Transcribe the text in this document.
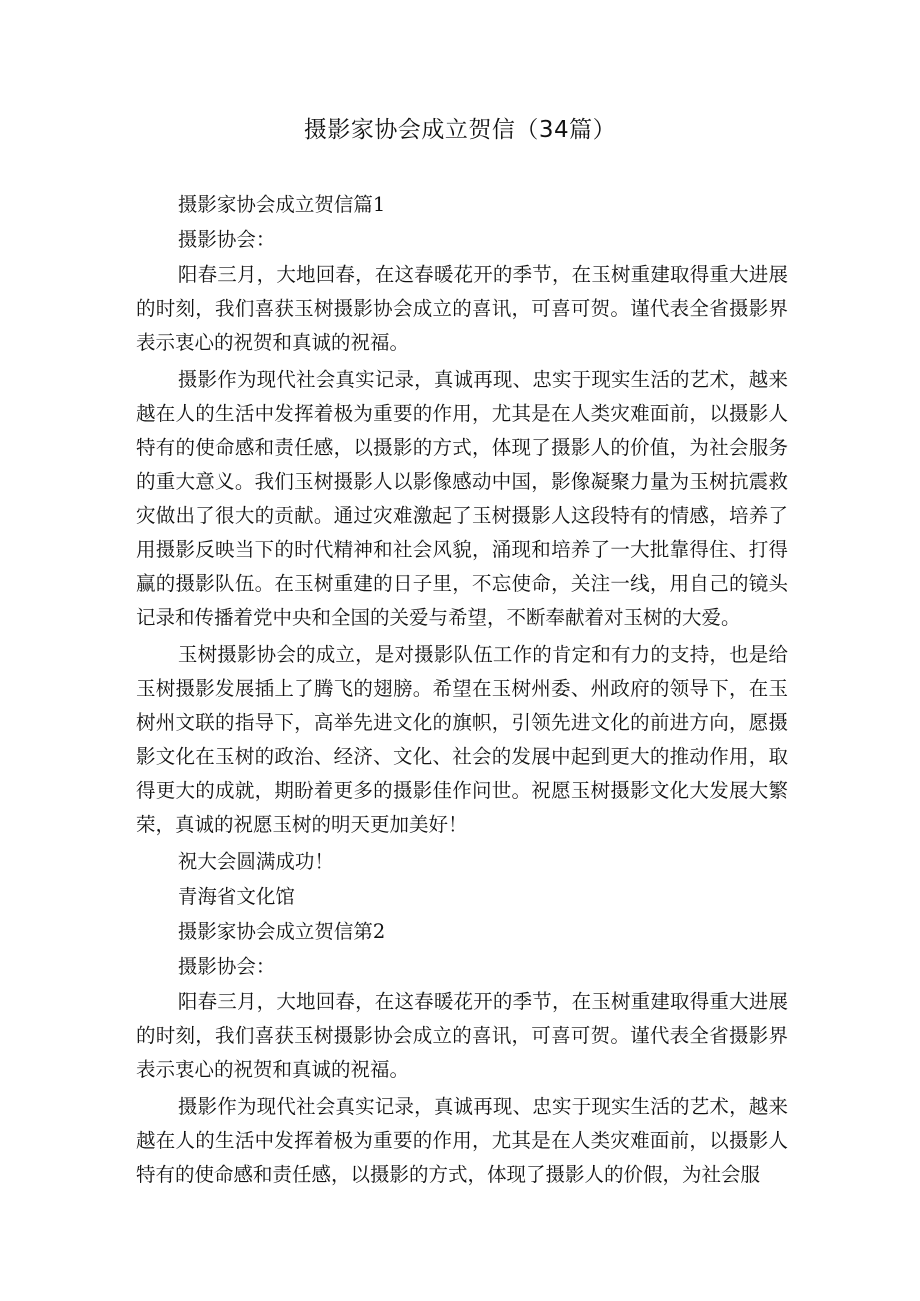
摄影家协会成立贺信（34篇）

摄影家协会成立贺信篇1

摄影协会：

阳春三月，大地回春，在这春暖花开的季节，在玉树重建取得重大进展的时刻，我们喜获玉树摄影协会成立的喜讯，可喜可贺。谨代表全省摄影界表示衷心的祝贺和真诚的祝福。

摄影作为现代社会真实记录，真诚再现、忠实于现实生活的艺术，越来越在人的生活中发挥着极为重要的作用，尤其是在人类灾难面前，以摄影人特有的使命感和责任感，以摄影的方式，体现了摄影人的价值，为社会服务的重大意义。我们玉树摄影人以影像感动中国，影像凝聚力量为玉树抗震救灾做出了很大的贡献。通过灾难激起了玉树摄影人这段特有的情感，培养了用摄影反映当下的时代精神和社会风貌，涌现和培养了一大批靠得住、打得赢的摄影队伍。在玉树重建的日子里，不忘使命，关注一线，用自己的镜头记录和传播着党中央和全国的关爱与希望，不断奉献着对玉树的大爱。

玉树摄影协会的成立，是对摄影队伍工作的肯定和有力的支持，也是给玉树摄影发展插上了腾飞的翅膀。希望在玉树州委、州政府的领导下，在玉树州文联的指导下，高举先进文化的旗帜，引领先进文化的前进方向，愿摄影文化在玉树的政治、经济、文化、社会的发展中起到更大的推动作用，取得更大的成就，期盼着更多的摄影佳作问世。祝愿玉树摄影文化大发展大繁荣，真诚的祝愿玉树的明天更加美好！

祝大会圆满成功！

青海省文化馆

摄影家协会成立贺信第2

摄影协会：

阳春三月，大地回春，在这春暖花开的季节，在玉树重建取得重大进展的时刻，我们喜获玉树摄影协会成立的喜讯，可喜可贺。谨代表全省摄影界表示衷心的祝贺和真诚的祝福。

摄影作为现代社会真实记录，真诚再现、忠实于现实生活的艺术，越来越在人的生活中发挥着极为重要的作用，尤其是在人类灾难面前，以摄影人特有的使命感和责任感，以摄影的方式，体现了摄影人的价假，为社会服
